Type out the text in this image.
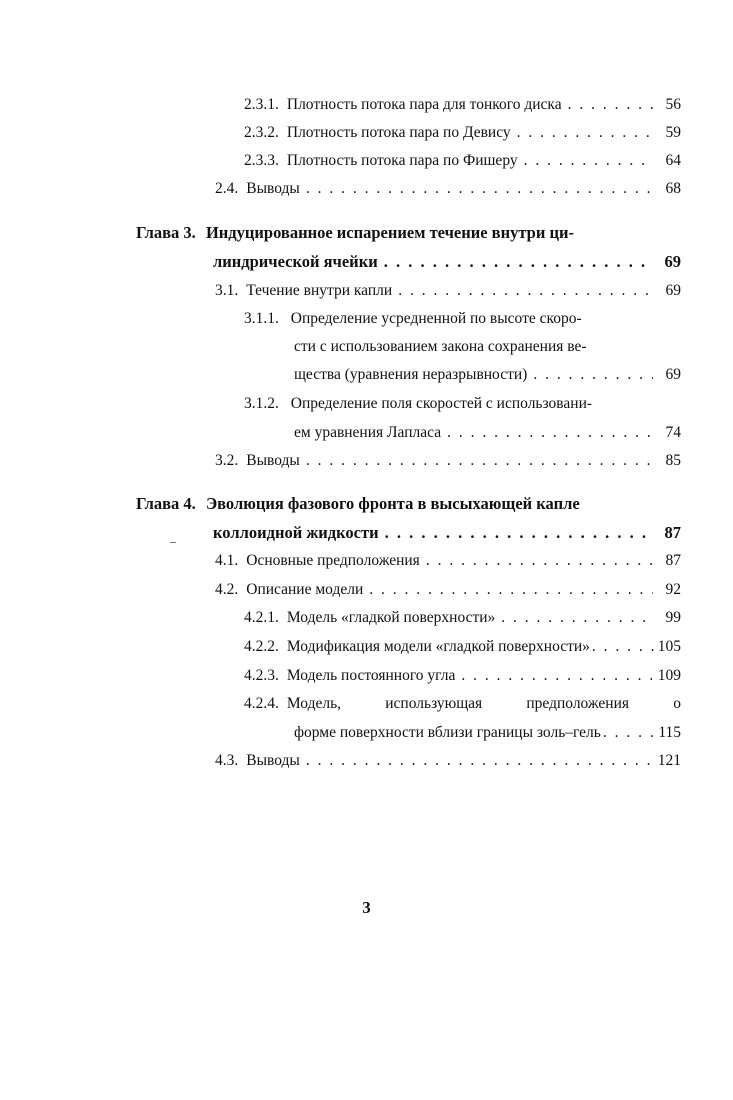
2.3.1. Плотность потока пара для тонкого диска . . .	56
2.3.2. Плотность потока пара по Девису . . .	59
2.3.3. Плотность потока пара по Фишеру . . .	64
2.4. Выводы . . .	68
Глава 3. Индуцированное испарением течение внутри ци-
линдрической ячейки . . .	69
3.1. Течение внутри капли . . .	69
3.1.1. Определение усредненной по высоте скоро-
сти с использованием закона сохранения ве-
щества (уравнения неразрывности) . . .	69
3.1.2. Определение поля скоростей с использовани-
ем уравнения Лапласа . . .	74
3.2. Выводы . . .	85
Глава 4. Эволюция фазового фронта в высыхающей капле
коллоидной жидкости . . .	87
4.1. Основные предположения . . .	87
4.2. Описание модели . . .	92
4.2.1. Модель «гладкой поверхности» . . .	99
4.2.2. Модификация модели «гладкой поверхности» . . .	105
4.2.3. Модель постоянного угла . . .	109
4.2.4. Модель, использующая предположения о
форме поверхности вблизи границы золь–гель . . .	115
4.3. Выводы . . .	121
3
